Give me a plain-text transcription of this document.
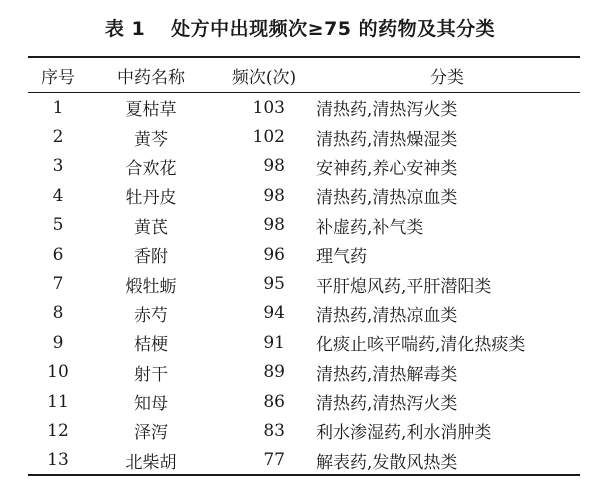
表 1 处方中出现频次≥75 的药物及其分类
序号	中药名称	频次(次)	分类
1	夏枯草	103	清热药,清热泻火类
2	黄芩	102	清热药,清热燥湿类
3	合欢花	98	安神药,养心安神类
4	牡丹皮	98	清热药,清热凉血类
5	黄芪	98	补虚药,补气类
6	香附	96	理气药
7	煅牡蛎	95	平肝熄风药,平肝潜阳类
8	赤芍	94	清热药,清热凉血类
9	桔梗	91	化痰止咳平喘药,清化热痰类
10	射干	89	清热药,清热解毒类
11	知母	86	清热药,清热泻火类
12	泽泻	83	利水渗湿药,利水消肿类
13	北柴胡	77	解表药,发散风热类
